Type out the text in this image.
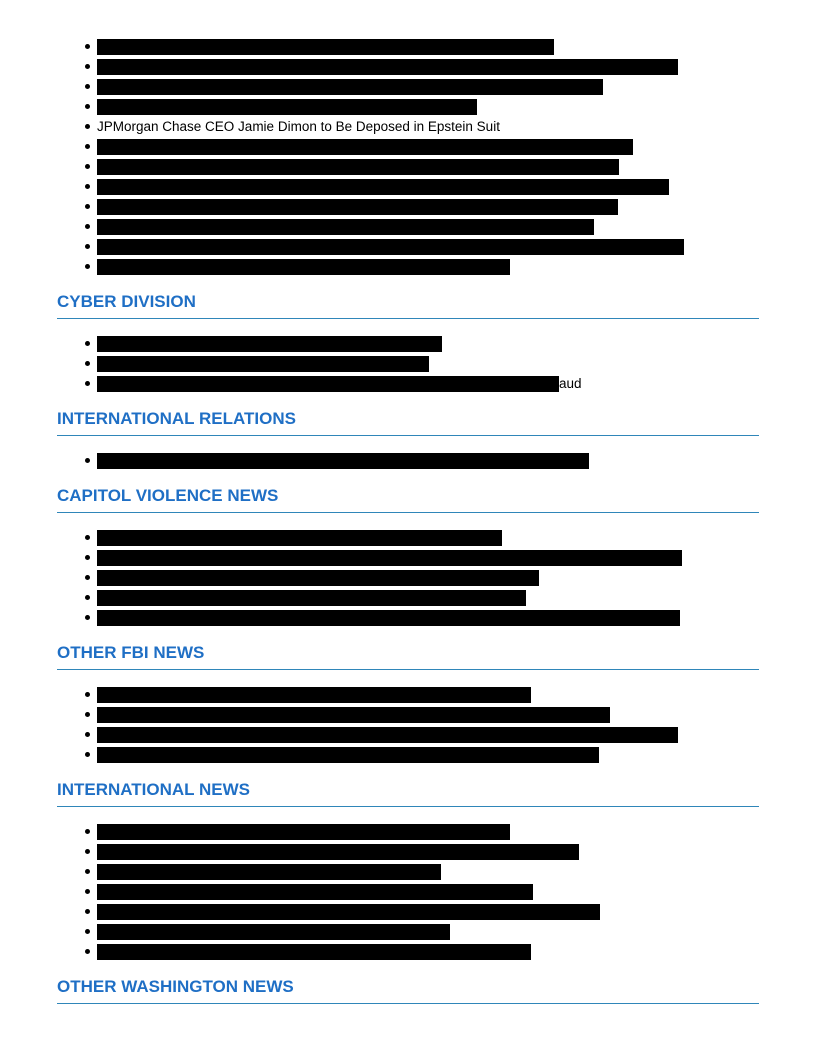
JPMorgan Chase CEO Jamie Dimon to Be Deposed in Epstein Suit
CYBER DIVISION
aud
INTERNATIONAL RELATIONS
CAPITOL VIOLENCE NEWS
OTHER FBI NEWS
INTERNATIONAL NEWS
OTHER WASHINGTON NEWS
